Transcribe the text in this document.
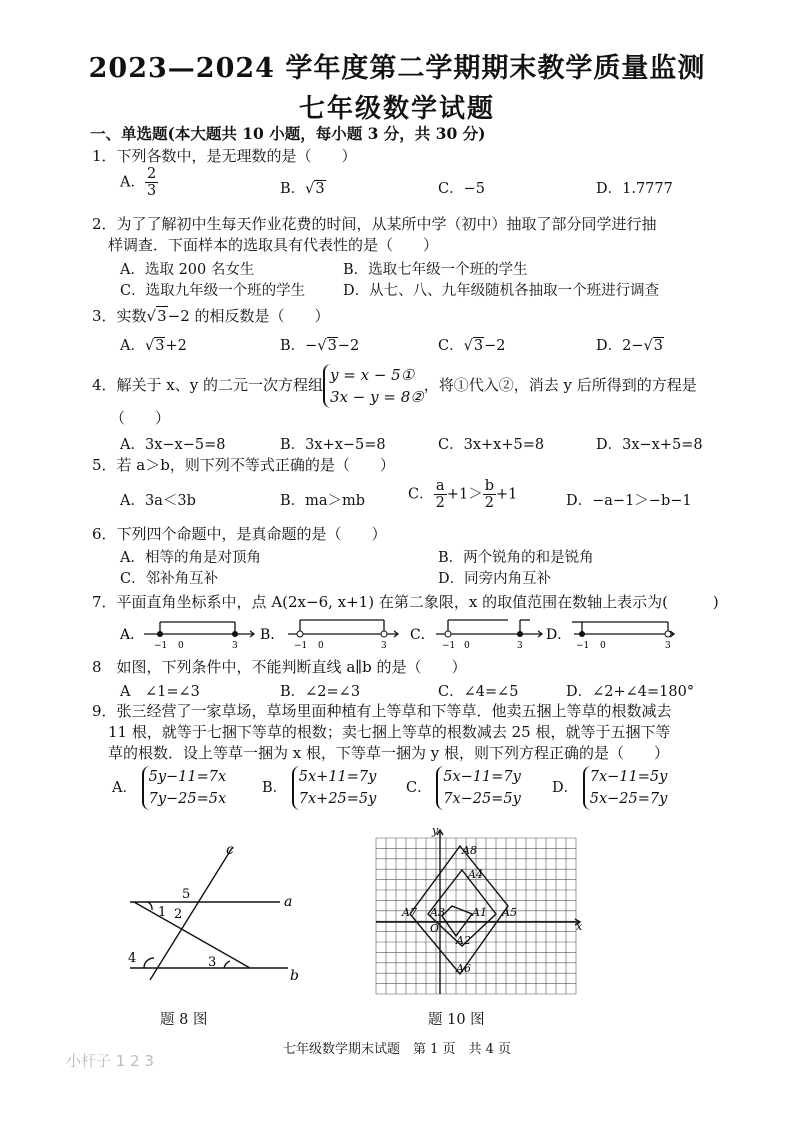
2023—2024 学年度第二学期期末教学质量监测
七年级数学试题
一、单选题(本大题共 10 小题，每小题 3 分，共 30 分)
1．下列各数中，是无理数的是（　　）
A． $\frac{2}{3}$	B．√3	C．−5	D．1.7777
2．为了了解初中生每天作业花费的时间，从某所中学（初中）抽取了部分同学进行抽
样调查．下面样本的选取具有代表性的是（　　）
A．选取 200 名女生	B．选取七年级一个班的学生
C．选取九年级一个班的学生	D．从七、八、九年级随机各抽取一个班进行调查
3．实数√3−2 的相反数是（　　）
A．√3+2	B．−√3−2	C．√3−2	D．2−√3
4．解关于 x、y 的二元一次方程组y = x − 5①
3x − y = 8②，将①代入②，消去 y 后所得到的方程是
（　　）
A．3x−x−5=8	B．3x+x−5=8	C．3x+x+5=8	D．3x−x+5=8
5．若 a＞b，则下列不等式正确的是（　　）
A．3a＜3b	B．ma＞mb	C． $\frac{a}{2} +1> \frac{b}{2} +1$	D．−a−1＞−b−1
6．下列四个命题中，是真命题的是（　　）
A．相等的角是对顶角	B．两个锐角的和是锐角
C．邻补角互补	D．同旁内角互补
7．平面直角坐标系中，点 A(2x−6, x+1) 在第二象限，x 的取值范围在数轴上表示为(　　　)
A．	B．	C．	D．
−1 0	3	−1 0	3	−1 0	3	−1 0	3
8　如图，下列条件中，不能判断直线 a∥b 的是（　　）
A　∠1=∠3	B．∠2=∠3	C．∠4=∠5	D．∠2+∠4=180°
9．张三经营了一家草场，草场里面种植有上等草和下等草．他卖五捆上等草的根数减去
11 根，就等于七捆下等草的根数；卖七捆上等草的根数减去 25 根，就等于五捆下等
草的根数．设上等草一捆为 x 根，下等草一捆为 y 根，则下列方程正确的是（　　）
A． 5y−11=7x
7y−25=5x
B． 5x+11=7y
7x+25=5y
C． 5x−11=7y
7x−25=5y
D． 7x−11=5y
5x−25=7y
c
a
b
1 2
3
4
5
题 8 图
y
x
O
A8
A4
A7 A3 A1 A5
A2
A6
题 10 图
七年级数学期末试题　第 1 页　共 4 页
小杆子 1 2 3
